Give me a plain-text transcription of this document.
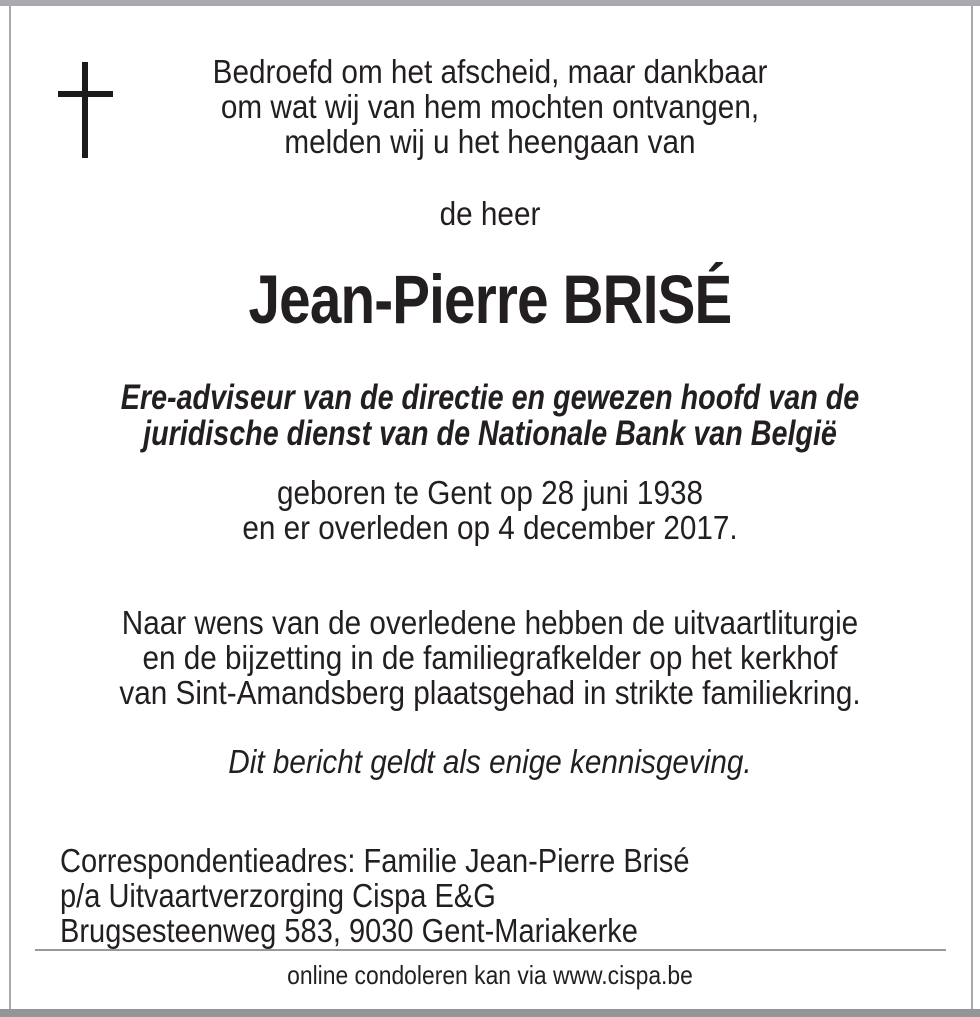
Bedroefd om het afscheid, maar dankbaar
om wat wij van hem mochten ontvangen,
melden wij u het heengaan van
de heer
Jean-Pierre BRISÉ
Ere-adviseur van de directie en gewezen hoofd van de
juridische dienst van de Nationale Bank van België
geboren te Gent op 28 juni 1938
en er overleden op 4 december 2017.
Naar wens van de overledene hebben de uitvaartliturgie
en de bijzetting in de familiegrafkelder op het kerkhof
van Sint-Amandsberg plaatsgehad in strikte familiekring.
Dit bericht geldt als enige kennisgeving.
Correspondentieadres: Familie Jean-Pierre Brisé
p/a Uitvaartverzorging Cispa E&G
Brugsesteenweg 583, 9030 Gent-Mariakerke
online condoleren kan via www.cispa.be
